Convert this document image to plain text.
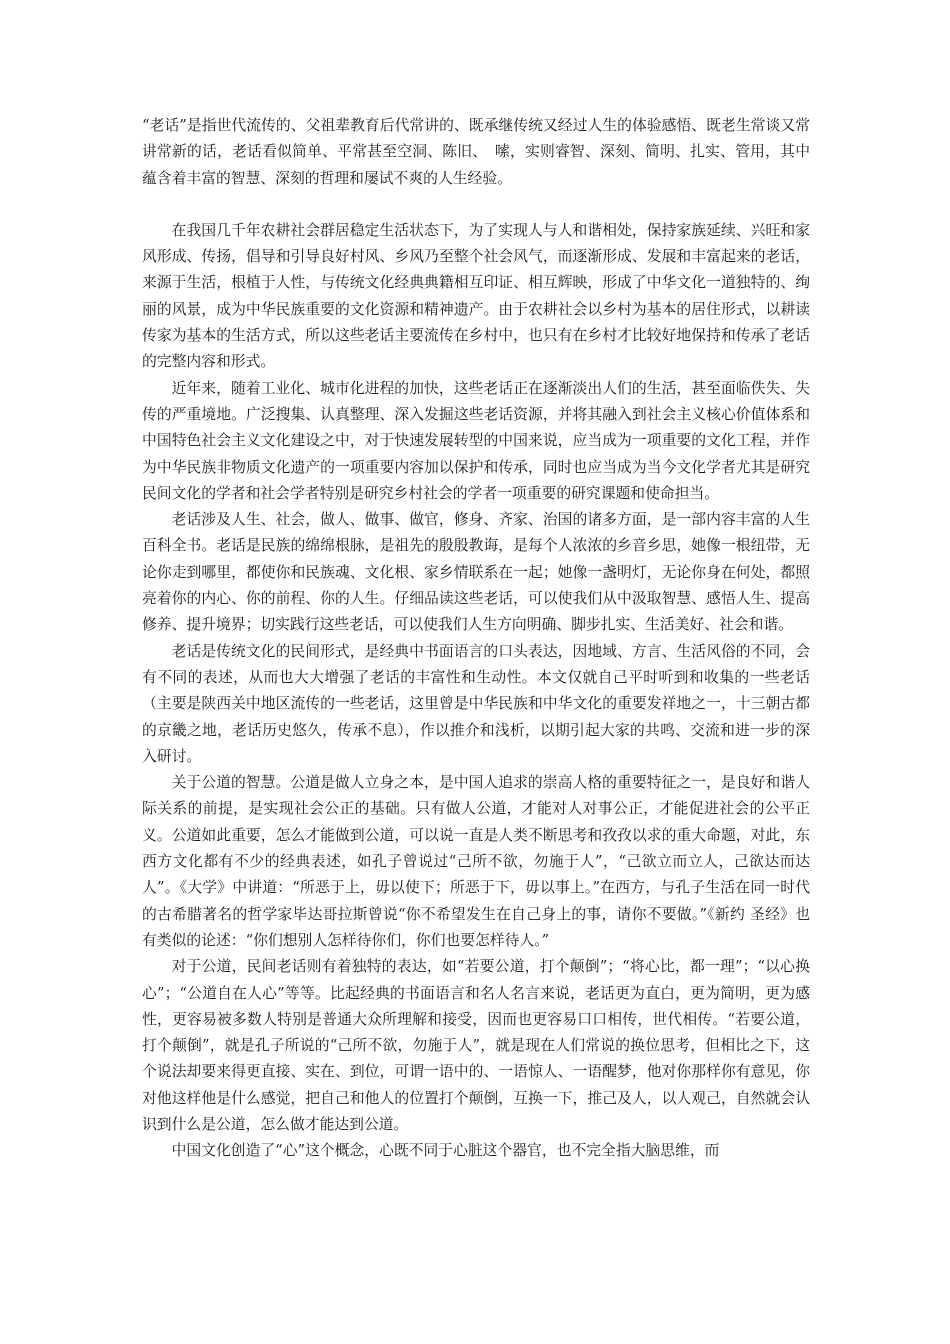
“老话”是指世代流传的、父祖辈教育后代常讲的、既承继传统又经过人生的体验感悟、既老生常谈又常讲常新的话，老话看似简单、平常甚至空洞、陈旧、　嗦，实则睿智、深刻、简明、扎实、管用，其中蕴含着丰富的智慧、深刻的哲理和屡试不爽的人生经验。

在我国几千年农耕社会群居稳定生活状态下，为了实现人与人和谐相处，保持家族延续、兴旺和家风形成、传扬，倡导和引导良好村风、乡风乃至整个社会风气，而逐渐形成、发展和丰富起来的老话，来源于生活，根植于人性，与传统文化经典典籍相互印证、相互辉映，形成了中华文化一道独特的、绚丽的风景，成为中华民族重要的文化资源和精神遗产。由于农耕社会以乡村为基本的居住形式，以耕读传家为基本的生活方式，所以这些老话主要流传在乡村中，也只有在乡村才比较好地保持和传承了老话的完整内容和形式。

近年来，随着工业化、城市化进程的加快，这些老话正在逐渐淡出人们的生活，甚至面临佚失、失传的严重境地。广泛搜集、认真整理、深入发掘这些老话资源，并将其融入到社会主义核心价值体系和中国特色社会主义文化建设之中，对于快速发展转型的中国来说，应当成为一项重要的文化工程，并作为中华民族非物质文化遗产的一项重要内容加以保护和传承，同时也应当成为当今文化学者尤其是研究民间文化的学者和社会学者特别是研究乡村社会的学者一项重要的研究课题和使命担当。

老话涉及人生、社会，做人、做事、做官，修身、齐家、治国的诸多方面，是一部内容丰富的人生百科全书。老话是民族的绵绵根脉，是祖先的殷殷教诲，是每个人浓浓的乡音乡思，她像一根纽带，无论你走到哪里，都使你和民族魂、文化根、家乡情联系在一起；她像一盏明灯，无论你身在何处，都照亮着你的内心、你的前程、你的人生。仔细品读这些老话，可以使我们从中汲取智慧、感悟人生、提高修养、提升境界；切实践行这些老话，可以使我们人生方向明确、脚步扎实、生活美好、社会和谐。

老话是传统文化的民间形式，是经典中书面语言的口头表达，因地域、方言、生活风俗的不同，会有不同的表述，从而也大大增强了老话的丰富性和生动性。本文仅就自己平时听到和收集的一些老话（主要是陕西关中地区流传的一些老话，这里曾是中华民族和中华文化的重要发祥地之一，十三朝古都的京畿之地，老话历史悠久，传承不息），作以推介和浅析，以期引起大家的共鸣、交流和进一步的深入研讨。

关于公道的智慧。公道是做人立身之本，是中国人追求的崇高人格的重要特征之一，是良好和谐人际关系的前提，是实现社会公正的基础。只有做人公道，才能对人对事公正，才能促进社会的公平正义。公道如此重要，怎么才能做到公道，可以说一直是人类不断思考和孜孜以求的重大命题，对此，东西方文化都有不少的经典表述，如孔子曾说过“己所不欲，勿施于人”，“己欲立而立人，己欲达而达人”。《大学》中讲道：“所恶于上，毋以使下；所恶于下，毋以事上。”在西方，与孔子生活在同一时代的古希腊著名的哲学家毕达哥拉斯曾说“你不希望发生在自己身上的事，请你不要做。”《新约 圣经》也有类似的论述：“你们想别人怎样待你们，你们也要怎样待人。”

对于公道，民间老话则有着独特的表达，如“若要公道，打个颠倒”；“将心比，都一理”；“以心换心”；“公道自在人心”等等。比起经典的书面语言和名人名言来说，老话更为直白，更为简明，更为感性，更容易被多数人特别是普通大众所理解和接受，因而也更容易口口相传，世代相传。“若要公道，打个颠倒”，就是孔子所说的“己所不欲，勿施于人”，就是现在人们常说的换位思考，但相比之下，这个说法却要来得更直接、实在、到位，可谓一语中的、一语惊人、一语醒梦，他对你那样你有意见，你对他这样他是什么感觉，把自己和他人的位置打个颠倒，互换一下，推己及人，以人观己，自然就会认识到什么是公道，怎么做才能达到公道。

中国文化创造了“心”这个概念，心既不同于心脏这个器官，也不完全指大脑思维，而
